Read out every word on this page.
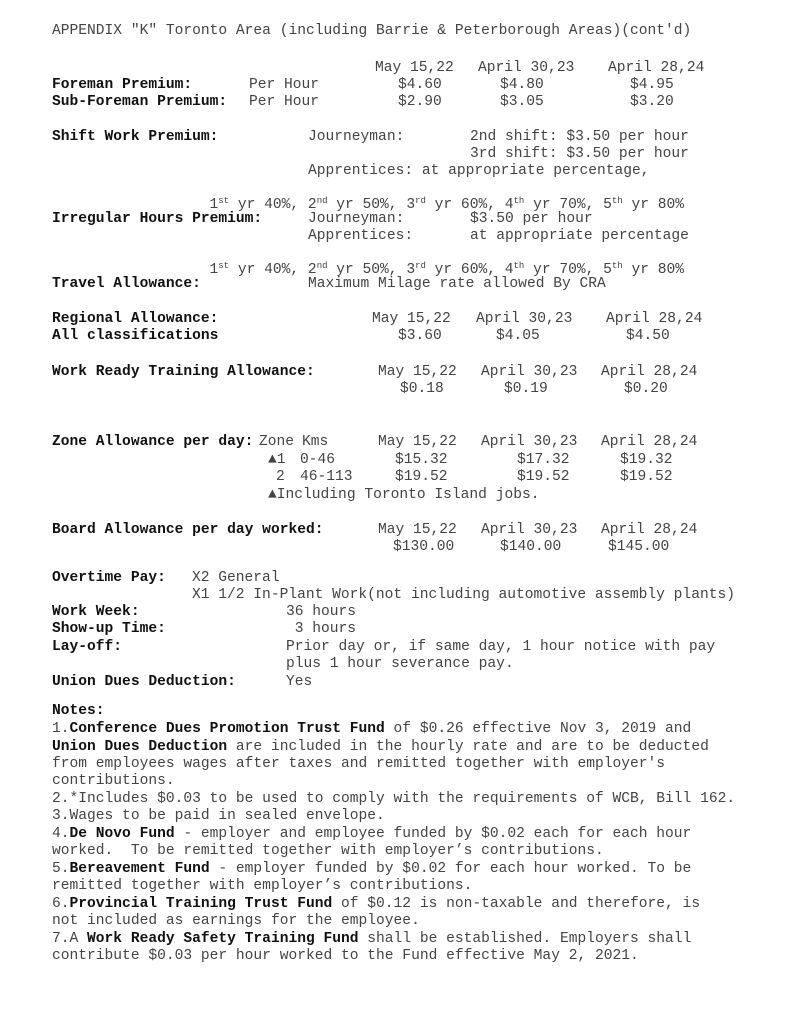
APPENDIX "K" Toronto Area (including Barrie & Peterborough Areas)(cont'd)
May 15,22 April 30,23 April 28,24
Foreman Premium:	Per Hour	$4.60	$4.80	$4.95
Sub-Foreman Premium: Per Hour	$2.90	$3.05	$3.20
Shift Work Premium:	Journeyman:	2nd shift: $3.50 per hour
3rd shift: $3.50 per hour
Apprentices: at appropriate percentage,

1st yr 40%, 2nd yr 50%, 3rd yr 60%, 4th yr 70%, 5th yr 80%

Irregular Hours Premium:	Journeyman:	$3.50 per hour
Apprentices:	at appropriate percentage

1st yr 40%, 2nd yr 50%, 3rd yr 60%, 4th yr 70%, 5th yr 80%

Travel Allowance:	Maximum Milage rate allowed By CRA
May 15,22 April 30,23 April 28,24
Regional Allowance:
All classifications	$3.60	$4.05	$4.50
Work Ready Training Allowance:	May 15,22 April 30,23 April 28,24
$0.18	$0.19	$0.20
Zone Allowance per day: Zone Kms	May 15,22 April 30,23 April 28,24
▲1 0-46	$15.32	$17.32	$19.32
2 46-113	$19.52	$19.52	$19.52
▲Including Toronto Island jobs.
Board Allowance per day worked:	May 15,22 April 30,23 April 28,24
$130.00	$140.00	$145.00
Overtime Pay: X2 General
X1 1/2 In-Plant Work(not including automotive assembly plants)
Work Week:	36 hours
Show-up Time:	3 hours
Lay-off:	Prior day or, if same day, 1 hour notice with pay
plus 1 hour severance pay.
Union Dues Deduction:	Yes
Notes:
1.Conference Dues Promotion Trust Fund of $0.26 effective Nov 3, 2019 and
Union Dues Deduction are included in the hourly rate and are to be deducted
from employees wages after taxes and remitted together with employer's
contributions.
2.*Includes $0.03 to be used to comply with the requirements of WCB, Bill 162.
3.Wages to be paid in sealed envelope.
4.De Novo Fund - employer and employee funded by $0.02 each for each hour
worked.  To be remitted together with employer’s contributions.
5.Bereavement Fund - employer funded by $0.02 for each hour worked. To be
remitted together with employer’s contributions.
6.Provincial Training Trust Fund of $0.12 is non-taxable and therefore, is
not included as earnings for the employee.
7.A Work Ready Safety Training Fund shall be established. Employers shall
contribute $0.03 per hour worked to the Fund effective May 2, 2021.
